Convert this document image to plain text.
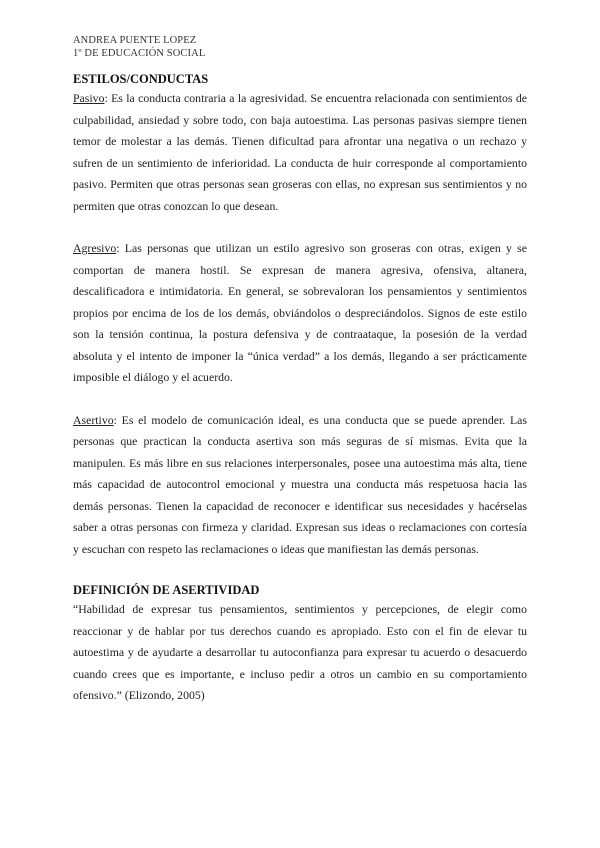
ANDREA PUENTE LOPEZ
1º DE EDUCACIÓN SOCIAL
ESTILOS/CONDUCTAS

Pasivo: Es la conducta contraria a la agresividad. Se encuentra relacionada con sentimientos de culpabilidad, ansiedad y sobre todo, con baja autoestima. Las personas pasivas siempre tienen temor de molestar a las demás. Tienen dificultad para afrontar una negativa o un rechazo y sufren de un sentimiento de inferioridad. La conducta de huir corresponde al comportamiento pasivo. Permiten que otras personas sean groseras con ellas, no expresan sus sentimientos y no permiten que otras conozcan lo que desean.

Agresivo: Las personas que utilizan un estilo agresivo son groseras con otras, exigen y se comportan de manera hostil. Se expresan de manera agresiva, ofensiva, altanera, descalificadora e intimidatoria. En general, se sobrevaloran los pensamientos y sentimientos propios por encima de los de los demás, obviándolos o despreciándolos. Signos de este estilo son la tensión continua, la postura defensiva y de contraataque, la posesión de la verdad absoluta y el intento de imponer la “única verdad” a los demás, llegando a ser prácticamente imposible el diálogo y el acuerdo.

Asertivo: Es el modelo de comunicación ideal, es una conducta que se puede aprender. Las personas que practican la conducta asertiva son más seguras de sí mismas. Evita que la manipulen. Es más libre en sus relaciones interpersonales, posee una autoestima más alta, tiene más capacidad de autocontrol emocional y muestra una conducta más respetuosa hacia las demás personas. Tienen la capacidad de reconocer e identificar sus necesidades y hacérselas saber a otras personas con firmeza y claridad. Expresan sus ideas o reclamaciones con cortesía y escuchan con respeto las reclamaciones o ideas que manifiestan las demás personas.

DEFINICIÓN DE ASERTIVIDAD

“Habilidad de expresar tus pensamientos, sentimientos y percepciones, de elegir como reaccionar y de hablar por tus derechos cuando es apropiado. Esto con el fin de elevar tu autoestima y de ayudarte a desarrollar tu autoconfianza para expresar tu acuerdo o desacuerdo cuando crees que es importante, e incluso pedir a otros un cambio en su comportamiento ofensivo.” (Elizondo, 2005)
